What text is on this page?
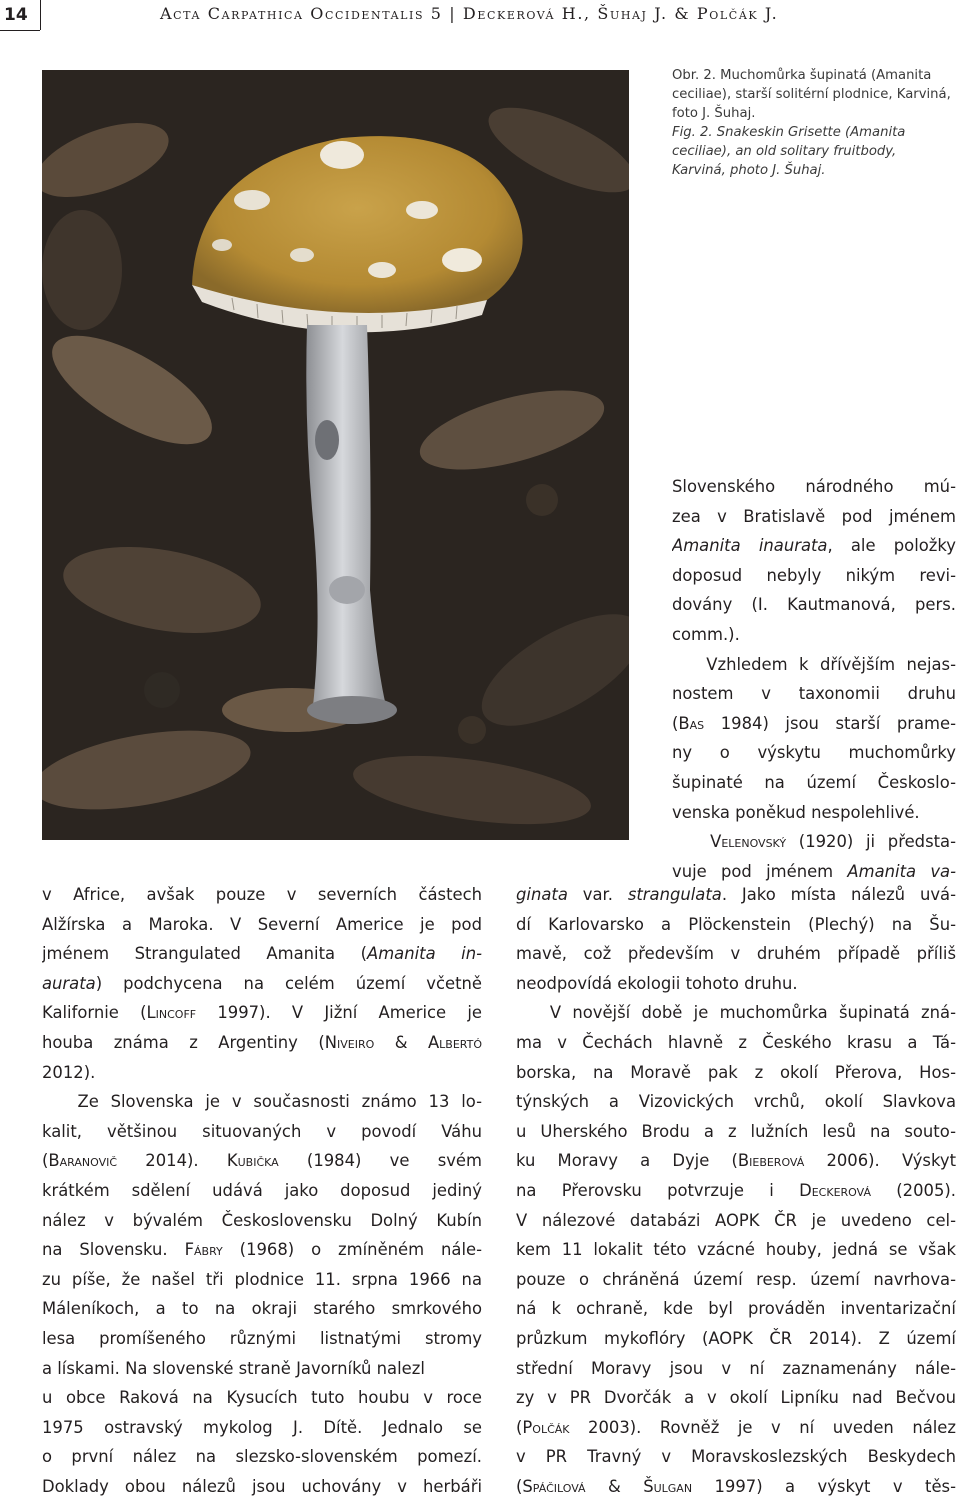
14	Acta Carpathica Occidentalis 5 | Deckerová H., Šuhaj J. & Polčák J.

Obr. 2. Muchomůrka šupinatá (Amanita ceciliae), starší solitérní plodnice, Karviná, foto J. Šuhaj.

Fig. 2. Snakeskin Grisette (Amanita ceciliae), an old solitary fruitbody, Karviná, photo J. Šuhaj.

Slovenského národného mú-
zea v Bratislavě pod jménem
Amanita inaurata, ale položky
doposud nebyly nikým revi-
dovány (I. Kautmanová, pers.
comm.).

Vzhledem k dřívějším nejas-
nostem v taxonomii druhu
(Bas 1984) jsou starší prame-
ny o výskytu muchomůrky
šupinaté na území Českoslo-
venska poněkud nespolehlivé.
Velenovský (1920) ji předsta-
vuje pod jménem Amanita va-

v Africe, avšak pouze v severních částech
Alžírska a Maroka. V Severní Americe je pod
jménem Strangulated Amanita (Amanita in-
aurata) podchycena na celém území včetně
Kalifornie (Lincoff 1997). V Jižní Americe je
houba známa z Argentiny (Niveiro & Albertó
2012).

Ze Slovenska je v současnosti známo 13 lo-
kalit, většinou situovaných v povodí Váhu
(Baranovič 2014). Kubička (1984) ve svém
krátkém sdělení udává jako doposud jediný
nález v bývalém Československu Dolný Kubín
na Slovensku. Fábry (1968) o zmíněném nále-
zu píše, že našel tři plodnice 11. srpna 1966 na
Máleníkoch, a to na okraji starého smrkového
lesa promíšeného různými listnatými stromy
a lískami. Na slovenské straně Javorníků nalezl
u obce Raková na Kysucích tuto houbu v roce
1975 ostravský mykolog J. Dítě. Jednalo se
o první nález na slezsko-slovenském pomezí.
Doklady obou nálezů jsou uchovány v herbáři

ginata var. strangulata. Jako místa nálezů uvá-
dí Karlovarsko a Plöckenstein (Plechý) na Šu-
mavě, což především v druhém případě příliš
neodpovídá ekologii tohoto druhu.

V novější době je muchomůrka šupinatá zná-
ma v Čechách hlavně z Českého krasu a Tá-
borska, na Moravě pak z okolí Přerova, Hos-
týnských a Vizovických vrchů, okolí Slavkova
u Uherského Brodu a z lužních lesů na souto-
ku Moravy a Dyje (Bieberová 2006). Výskyt
na Přerovsku potvrzuje i Deckerová (2005).
V nálezové databázi AOPK ČR je uvedeno cel-
kem 11 lokalit této vzácné houby, jedná se však
pouze o chráněná území resp. území navrhova-
ná k ochraně, kde byl prováděn inventarizační
průzkum mykoflóry (AOPK ČR 2014). Z území
střední Moravy jsou v ní zaznamenány nále-
zy v PR Dvorčák a v okolí Lipníku nad Bečvou
(Polčák 2003). Rovněž je v ní uveden nález
v PR Travný v Moravskoslezských Beskydech
(Spáčilová & Šulgan 1997) a výskyt v těs-
